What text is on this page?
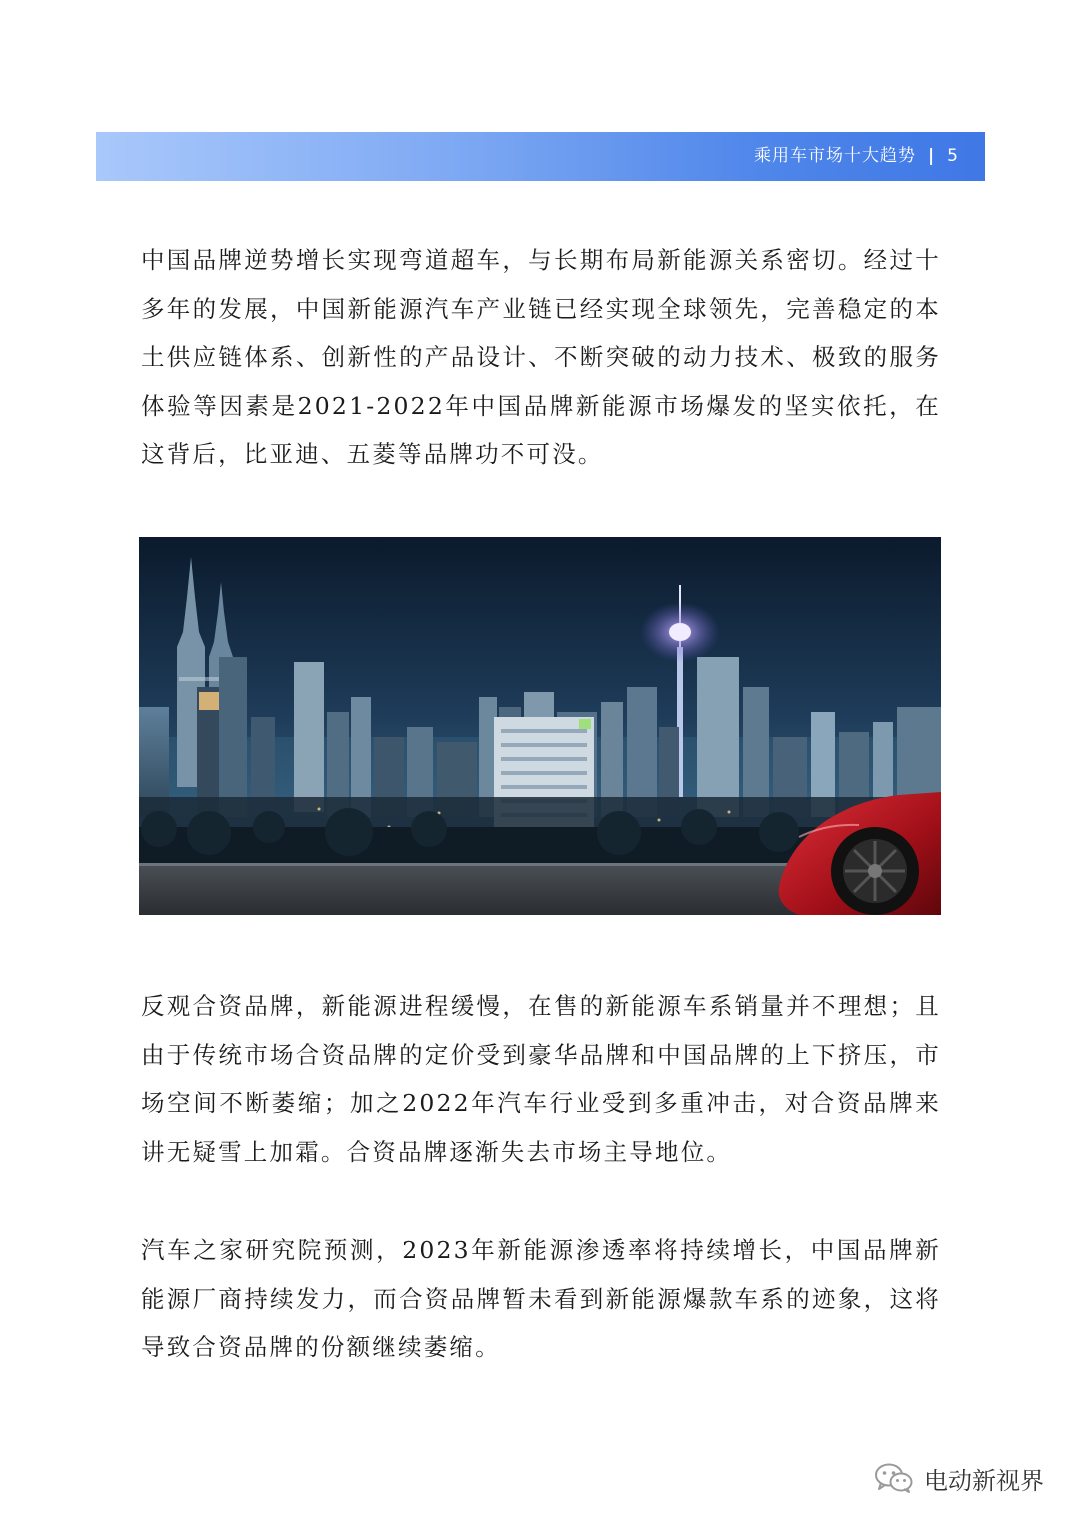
乘用车市场十大趋势 | 5

中国品牌逆势增长实现弯道超车，与长期布局新能源关系密切。经过十多年的发展，中国新能源汽车产业链已经实现全球领先，完善稳定的本土供应链体系、创新性的产品设计、不断突破的动力技术、极致的服务体验等因素是2021-2022年中国品牌新能源市场爆发的坚实依托，在这背后，比亚迪、五菱等品牌功不可没。

反观合资品牌，新能源进程缓慢，在售的新能源车系销量并不理想；且由于传统市场合资品牌的定价受到豪华品牌和中国品牌的上下挤压，市场空间不断萎缩；加之2022年汽车行业受到多重冲击，对合资品牌来讲无疑雪上加霜。合资品牌逐渐失去市场主导地位。

汽车之家研究院预测，2023年新能源渗透率将持续增长，中国品牌新能源厂商持续发力，而合资品牌暂未看到新能源爆款车系的迹象，这将导致合资品牌的份额继续萎缩。

电动新视界
